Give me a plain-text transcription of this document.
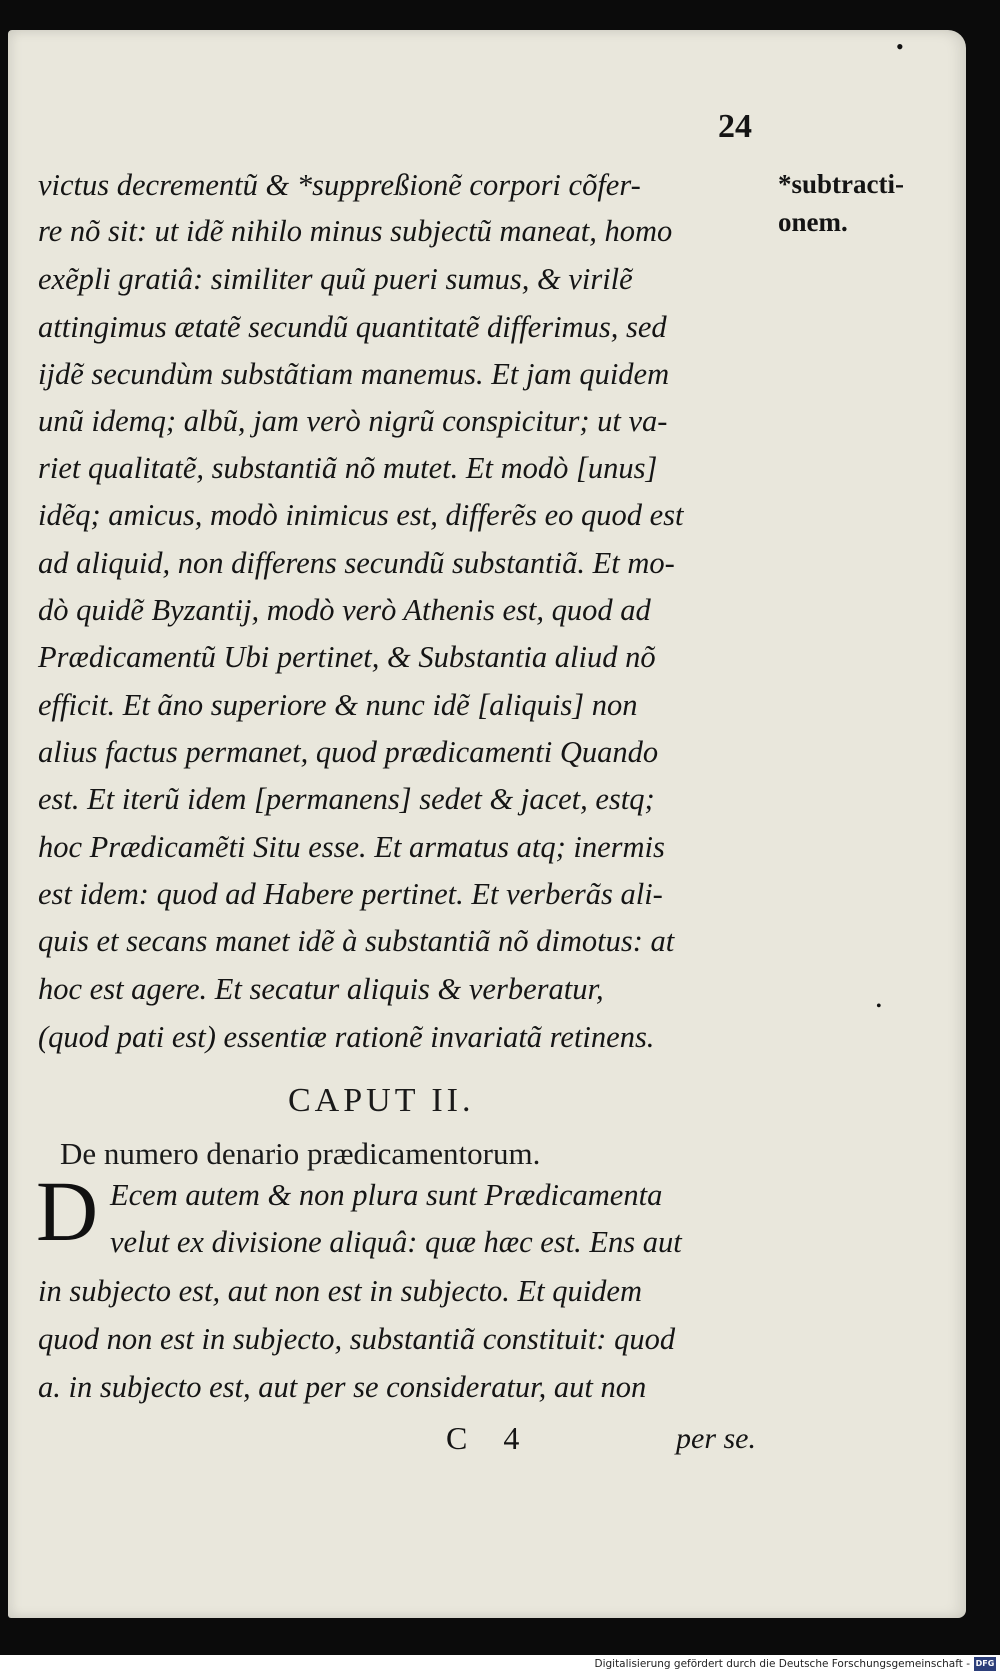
•
•
24
*subtracti-
onem.
victus decrementũ & *suppreßionẽ corpori cõfer-
re nõ sit: ut idẽ nihilo minus subjectũ maneat, homo
exẽpli gratiâ: similiter quũ pueri sumus, & virilẽ
attingimus ætatẽ secundũ quantitatẽ differimus, sed
ijdẽ secundùm substãtiam manemus. Et jam quidem
unũ idemq; albũ, jam verò nigrũ conspicitur; ut va-
riet qualitatẽ, substantiã nõ mutet. Et modò [unus]
idẽq; amicus, modò inimicus est, differẽs eo quod est
ad aliquid, non differens secundũ substantiã. Et mo-
dò quidẽ Byzantij, modò verò Athenis est, quod ad
Prædicamentũ Ubi pertinet, & Substantia aliud nõ
efficit. Et ãno superiore & nunc idẽ [aliquis] non
alius factus permanet, quod prædicamenti Quando
est. Et iterũ idem [permanens] sedet & jacet, estq;
hoc Prædicamẽti Situ esse. Et armatus atq; inermis
est idem: quod ad Habere pertinet. Et verberãs ali-
quis et secans manet idẽ à substantiã nõ dimotus: at
hoc est agere. Et secatur aliquis & verberatur,
(quod pati est) essentiæ rationẽ invariatã retinens.
CAPUT II.
De numero denario prædicamentorum.
D Ecem autem & non plura sunt Prædicamenta
velut ex divisione aliquâ: quæ hæc est. Ens aut
in subjecto est, aut non est in subjecto. Et quidem
quod non est in subjecto, substantiã constituit: quod
a. in subjecto est, aut per se consideratur, aut non
C 4	per se.
Digitalisierung gefördert durch die Deutsche Forschungsgemeinschaft - DFG
